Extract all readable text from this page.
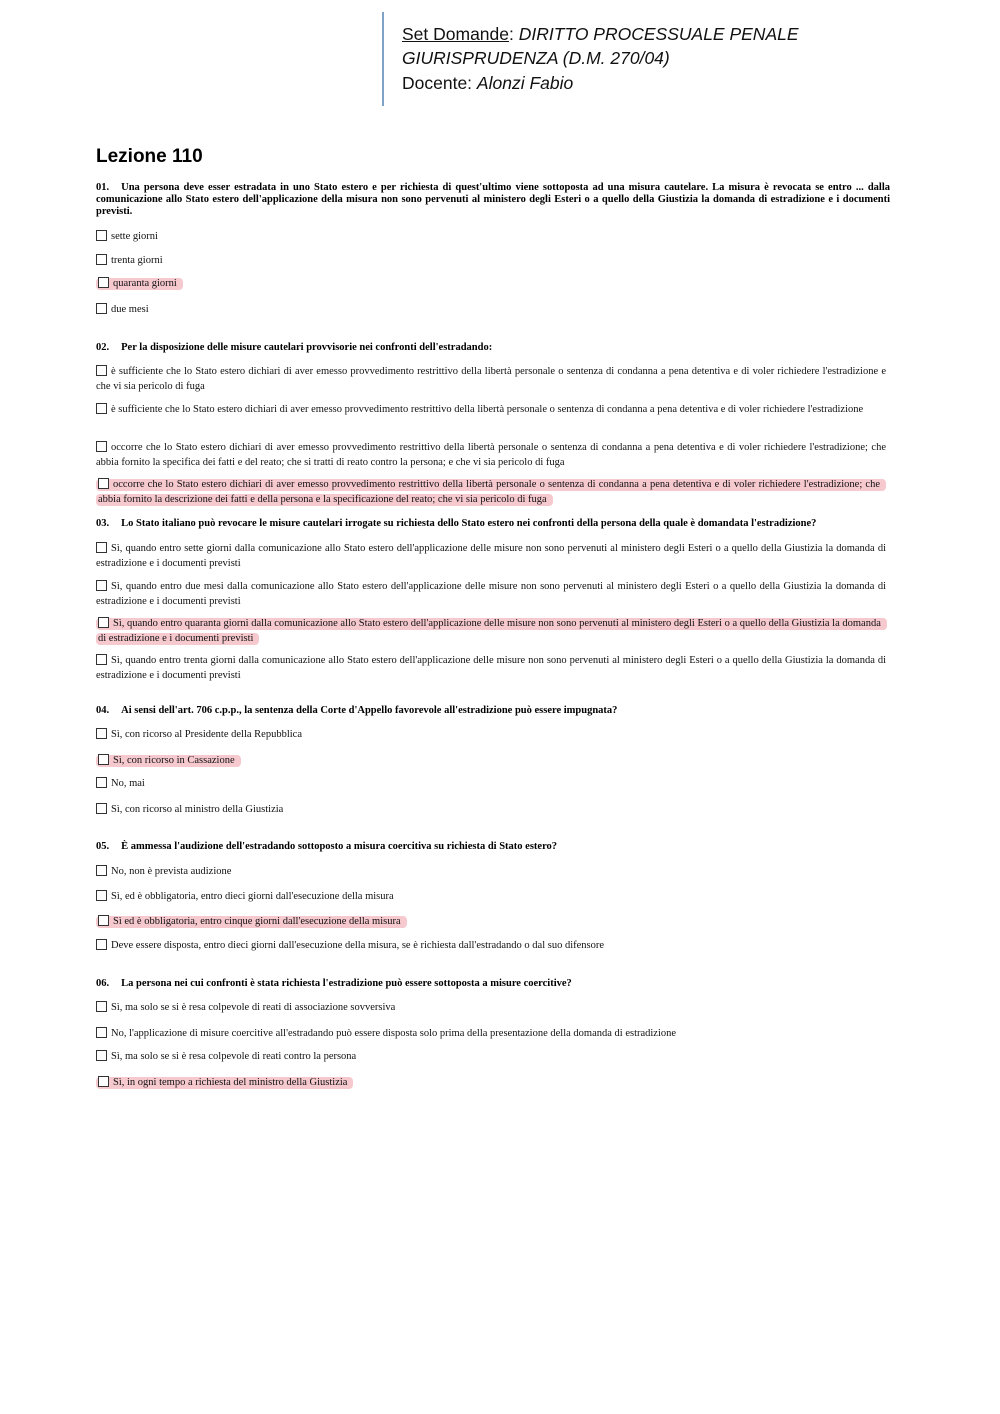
Set Domande: DIRITTO PROCESSUALE PENALE
GIURISPRUDENZA (D.M. 270/04)
Docente: Alonzi Fabio
Lezione 110
01. Una persona deve esser estradata in uno Stato estero e per richiesta di quest'ultimo viene sottoposta ad una misura cautelare. La misura è revocata se entro ... dalla comunicazione allo Stato estero dell'applicazione della misura non sono pervenuti al ministero degli Esteri o a quello della Giustizia la domanda di estradizione e i documenti previsti.
sette giorni
trenta giorni
quaranta giorni
due mesi
02. Per la disposizione delle misure cautelari provvisorie nei confronti dell'estradando:
è sufficiente che lo Stato estero dichiari di aver emesso provvedimento restrittivo della libertà personale o sentenza di condanna a pena detentiva e di voler richiedere l'estradizione e che vi sia pericolo di fuga
è sufficiente che lo Stato estero dichiari di aver emesso provvedimento restrittivo della libertà personale o sentenza di condanna a pena detentiva e di voler richiedere l'estradizione
occorre che lo Stato estero dichiari di aver emesso provvedimento restrittivo della libertà personale o sentenza di condanna a pena detentiva e di voler richiedere l'estradizione; che abbia fornito la specifica dei fatti e del reato; che si tratti di reato contro la persona; e che vi sia pericolo di fuga
occorre che lo Stato estero dichiari di aver emesso provvedimento restrittivo della libertà personale o sentenza di condanna a pena detentiva e di voler richiedere l'estradizione; che abbia fornito la descrizione dei fatti e della persona e la specificazione del reato; che vi sia pericolo di fuga
03. Lo Stato italiano può revocare le misure cautelari irrogate su richiesta dello Stato estero nei confronti della persona della quale è domandata l'estradizione?
Sì, quando entro sette giorni dalla comunicazione allo Stato estero dell'applicazione delle misure non sono pervenuti al ministero degli Esteri o a quello della Giustizia la domanda di estradizione e i documenti previsti
Sì, quando entro due mesi dalla comunicazione allo Stato estero dell'applicazione delle misure non sono pervenuti al ministero degli Esteri o a quello della Giustizia la domanda di estradizione e i documenti previsti
Sì, quando entro quaranta giorni dalla comunicazione allo Stato estero dell'applicazione delle misure non sono pervenuti al ministero degli Esteri o a quello della Giustizia la domanda di estradizione e i documenti previsti
Sì, quando entro trenta giorni dalla comunicazione allo Stato estero dell'applicazione delle misure non sono pervenuti al ministero degli Esteri o a quello della Giustizia la domanda di estradizione e i documenti previsti
04. Ai sensi dell'art. 706 c.p.p., la sentenza della Corte d'Appello favorevole all'estradizione può essere impugnata?
Sì, con ricorso al Presidente della Repubblica
Sì, con ricorso in Cassazione
No, mai
Sì, con ricorso al ministro della Giustizia
05. È ammessa l'audizione dell'estradando sottoposto a misura coercitiva su richiesta di Stato estero?
No, non è prevista audizione
Sì, ed è obbligatoria, entro dieci giorni dall'esecuzione della misura
Sì ed è obbligatoria, entro cinque giorni dall'esecuzione della misura
Deve essere disposta, entro dieci giorni dall'esecuzione della misura, se è richiesta dall'estradando o dal suo difensore
06. La persona nei cui confronti è stata richiesta l'estradizione può essere sottoposta a misure coercitive?
Sì, ma solo se si è resa colpevole di reati di associazione sovversiva
No, l'applicazione di misure coercitive all'estradando può essere disposta solo prima della presentazione della domanda di estradizione
Sì, ma solo se si è resa colpevole di reati contro la persona
Sì, in ogni tempo a richiesta del ministro della Giustizia
